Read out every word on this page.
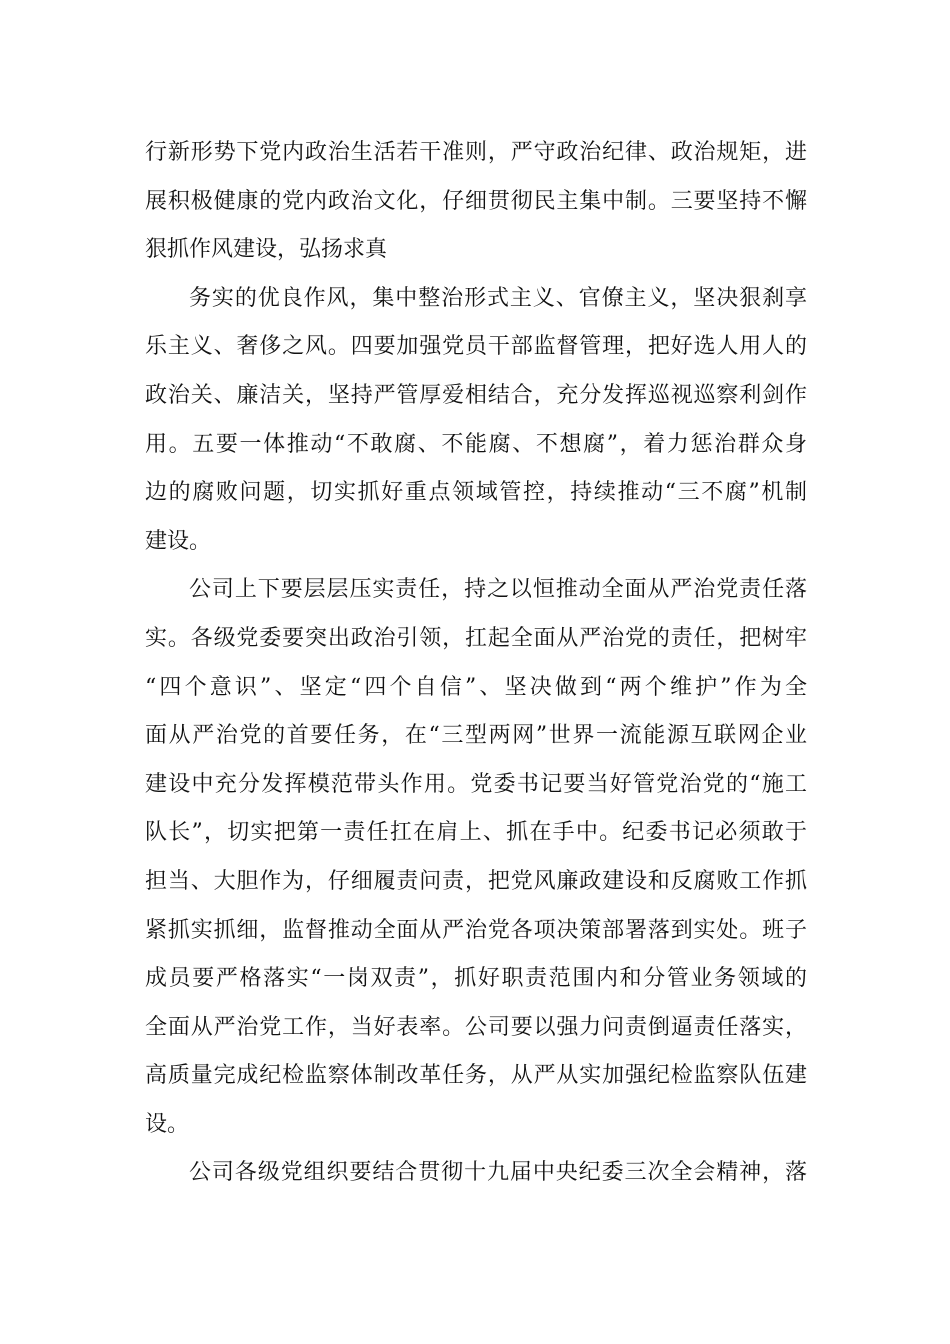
行新形势下党内政治生活若干准则，严守政治纪律、政治规矩，进
展积极健康的党内政治文化，仔细贯彻民主集中制。三要坚持不懈
狠抓作风建设，弘扬求真
务实的优良作风，集中整治形式主义、官僚主义，坚决狠刹享
乐主义、奢侈之风。四要加强党员干部监督管理，把好选人用人的
政治关、廉洁关，坚持严管厚爱相结合，充分发挥巡视巡察利剑作
用。五要一体推动“不敢腐、不能腐、不想腐”，着力惩治群众身
边的腐败问题，切实抓好重点领域管控，持续推动“三不腐”机制
建设。
公司上下要层层压实责任，持之以恒推动全面从严治党责任落
实。各级党委要突出政治引领，扛起全面从严治党的责任，把树牢
“四个意识”、坚定“四个自信”、坚决做到“两个维护”作为全
面从严治党的首要任务，在“三型两网”世界一流能源互联网企业
建设中充分发挥模范带头作用。党委书记要当好管党治党的“施工
队长”，切实把第一责任扛在肩上、抓在手中。纪委书记必须敢于
担当、大胆作为，仔细履责问责，把党风廉政建设和反腐败工作抓
紧抓实抓细，监督推动全面从严治党各项决策部署落到实处。班子
成员要严格落实“一岗双责”，抓好职责范围内和分管业务领域的
全面从严治党工作，当好表率。公司要以强力问责倒逼责任落实，
高质量完成纪检监察体制改革任务，从严从实加强纪检监察队伍建
设。
公司各级党组织要结合贯彻十九届中央纪委三次全会精神，落
